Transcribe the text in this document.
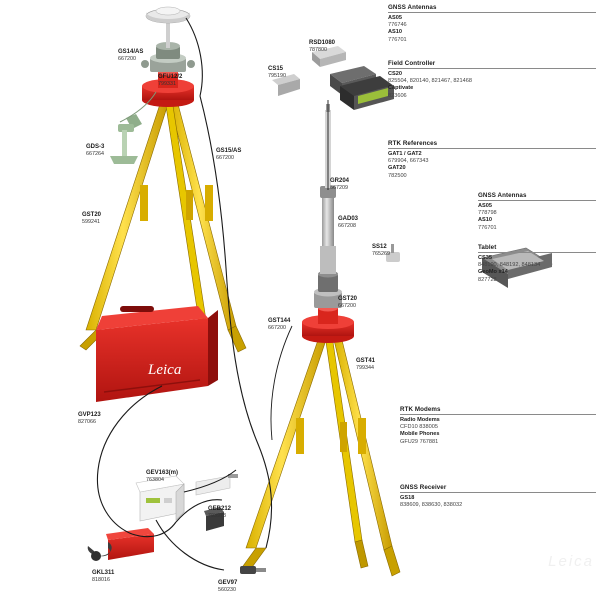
Leica
GNSS Antennas
AS05
776746
AS10
776701
Field Controller
CS20
825504, 820140, 821467, 821468
Captivate
823606
RTK References
GAT1 / GAT2
679904, 667343
GAT20
782500
GNSS Antennas
AS05
778798
AS10
776701
Tablet
CS35
848190, 848192, 848134
GeoMo x14
827728
RTK Modems
Radio Modems
CFD10 838005
Mobile Phones
GFU29 767881
GNSS Receiver
GS18
838609, 838630, 838032
GS14/AS
667200
GFU12/2
799331
GDS-3
667264
GST20
599241
GS15/AS
667200
RSD1080
787800
CS15
795190
GR204
667209
GAD03
667208
SS12
765269
GST20
667200
GST144
667200
GST41
799344
GVP123
827066
GEV163(m)
763804
GEB212
793973
GKL311
818016	GEV97
560230
Leica
